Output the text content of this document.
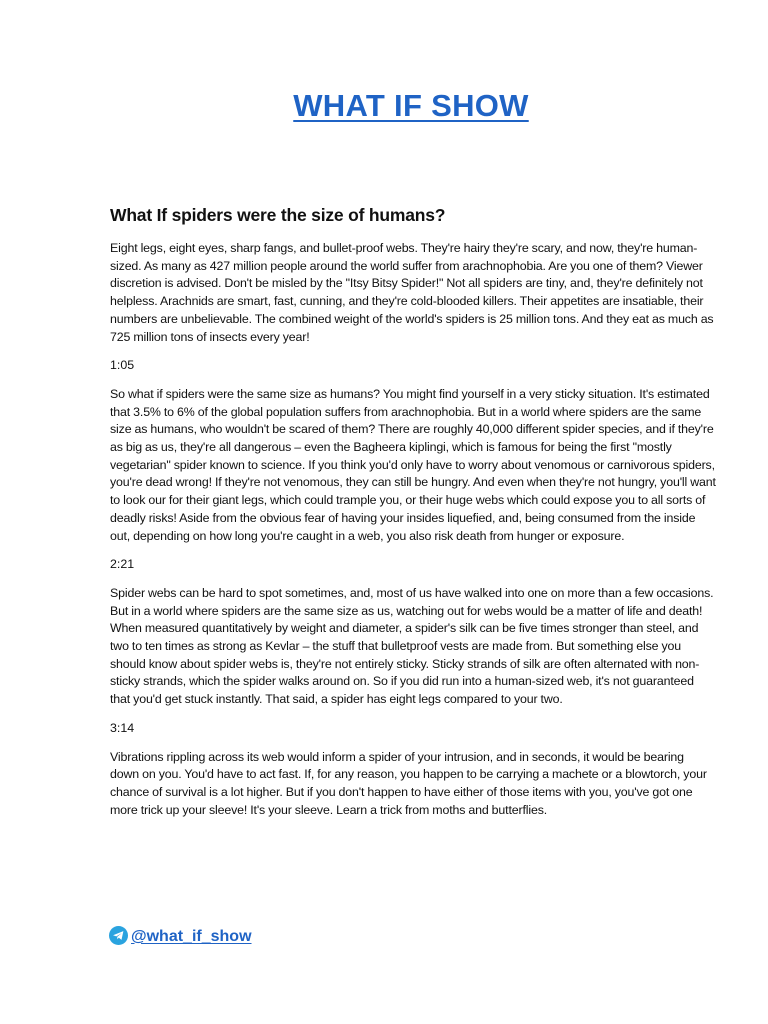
WHAT IF SHOW
What If spiders were the size of humans?

Eight legs, eight eyes, sharp fangs, and bullet-proof webs. They're hairy they're scary, and now, they're human-sized. As many as 427 million people around the world suffer from arachnophobia. Are you one of them? Viewer discretion is advised. Don't be misled by the "Itsy Bitsy Spider!" Not all spiders are tiny, and, they're definitely not helpless. Arachnids are smart, fast, cunning, and they're cold-blooded killers. Their appetites are insatiable, their numbers are unbelievable. The combined weight of the world's spiders is 25 million tons. And they eat as much as 725 million tons of insects every year!

1:05

So what if spiders were the same size as humans? You might find yourself in a very sticky situation. It's estimated that 3.5% to 6% of the global population suffers from arachnophobia. But in a world where spiders are the same size as humans, who wouldn't be scared of them? There are roughly 40,000 different spider species, and if they're as big as us, they're all dangerous – even the Bagheera kiplingi, which is famous for being the first "mostly vegetarian" spider known to science. If you think you'd only have to worry about venomous or carnivorous spiders, you're dead wrong! If they're not venomous, they can still be hungry. And even when they're not hungry, you'll want to look our for their giant legs, which could trample you, or their huge webs which could expose you to all sorts of deadly risks! Aside from the obvious fear of having your insides liquefied, and, being consumed from the inside out, depending on how long you're caught in a web, you also risk death from hunger or exposure.

2:21

Spider webs can be hard to spot sometimes, and, most of us have walked into one on more than a few occasions. But in a world where spiders are the same size as us, watching out for webs would be a matter of life and death! When measured quantitatively by weight and diameter, a spider's silk can be five times stronger than steel, and two to ten times as strong as Kevlar – the stuff that bulletproof vests are made from. But something else you should know about spider webs is, they're not entirely sticky. Sticky strands of silk are often alternated with non-sticky strands, which the spider walks around on. So if you did run into a human-sized web, it's not guaranteed that you'd get stuck instantly. That said, a spider has eight legs compared to your two.

3:14

Vibrations rippling across its web would inform a spider of your intrusion, and in seconds, it would be bearing down on you. You'd have to act fast. If, for any reason, you happen to be carrying a machete or a blowtorch, your chance of survival is a lot higher. But if you don't happen to have either of those items with you, you've got one more trick up your sleeve! It's your sleeve. Learn a trick from moths and butterflies.

@what_if_show
